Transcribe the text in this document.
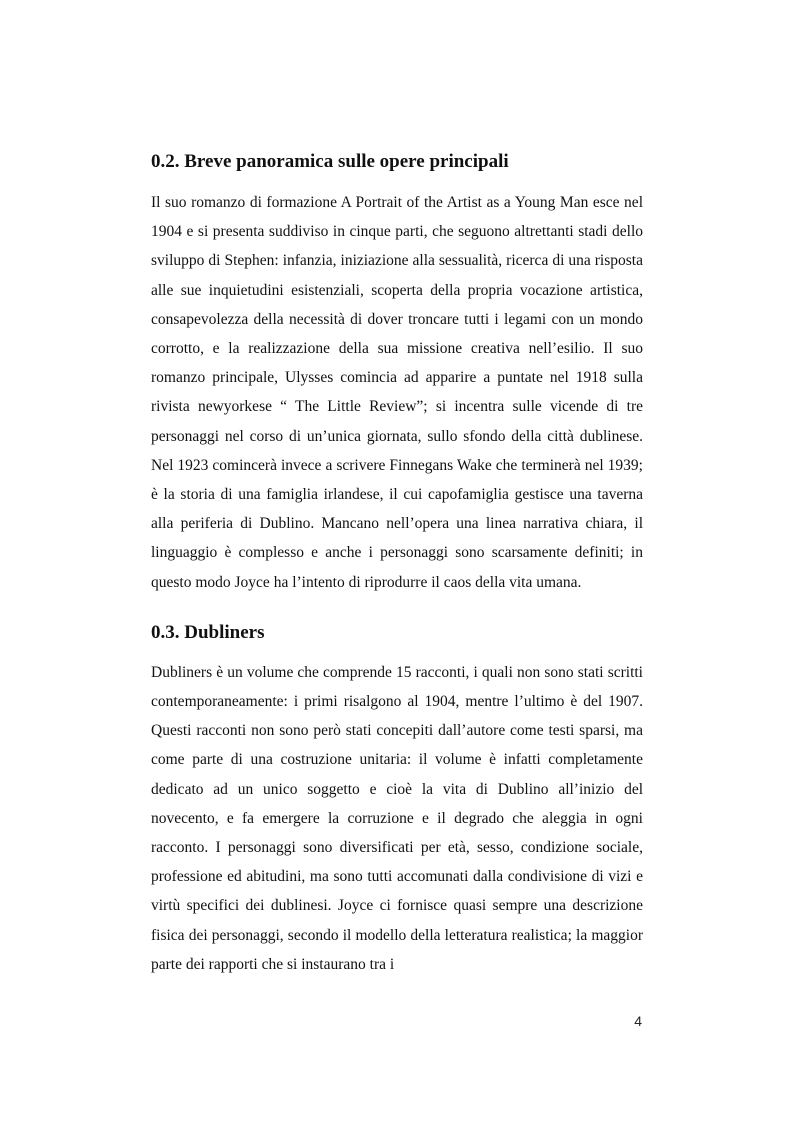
0.2. Breve panoramica sulle opere principali

Il suo romanzo di formazione A Portrait of the Artist as a Young Man esce nel 1904 e si presenta suddiviso in cinque parti, che seguono altrettanti stadi dello sviluppo di Stephen: infanzia, iniziazione alla sessualità, ricerca di una risposta alle sue inquietudini esistenziali, scoperta della propria vocazione artistica, consapevolezza della necessità di dover troncare tutti i legami con un mondo corrotto, e la realizzazione della sua missione creativa nell’esilio. Il suo romanzo principale, Ulysses comincia ad apparire a puntate nel 1918 sulla rivista newyorkese “ The Little Review”; si incentra sulle vicende di tre personaggi nel corso di un’unica giornata, sullo sfondo della città dublinese. Nel 1923 comincerà invece a scrivere Finnegans Wake che terminerà nel 1939; è la storia di una famiglia irlandese, il cui capofamiglia gestisce una taverna alla periferia di Dublino. Mancano nell’opera una linea narrativa chiara, il linguaggio è complesso e anche i personaggi sono scarsamente definiti; in questo modo Joyce ha l’intento di riprodurre il caos della vita umana.

0.3. Dubliners

Dubliners è un volume che comprende 15 racconti, i quali non sono stati scritti contemporaneamente: i primi risalgono al 1904, mentre l’ultimo è del 1907. Questi racconti non sono però stati concepiti dall’autore come testi sparsi, ma come parte di una costruzione unitaria: il volume è infatti completamente dedicato ad un unico soggetto e cioè la vita di Dublino all’inizio del novecento, e fa emergere la corruzione e il degrado che aleggia in ogni racconto. I personaggi sono diversificati per età, sesso, condizione sociale, professione ed abitudini, ma sono tutti accomunati dalla condivisione di vizi e virtù specifici dei dublinesi. Joyce ci fornisce quasi sempre una descrizione fisica dei personaggi, secondo il modello della letteratura realistica; la maggior parte dei rapporti che si instaurano tra i

4
